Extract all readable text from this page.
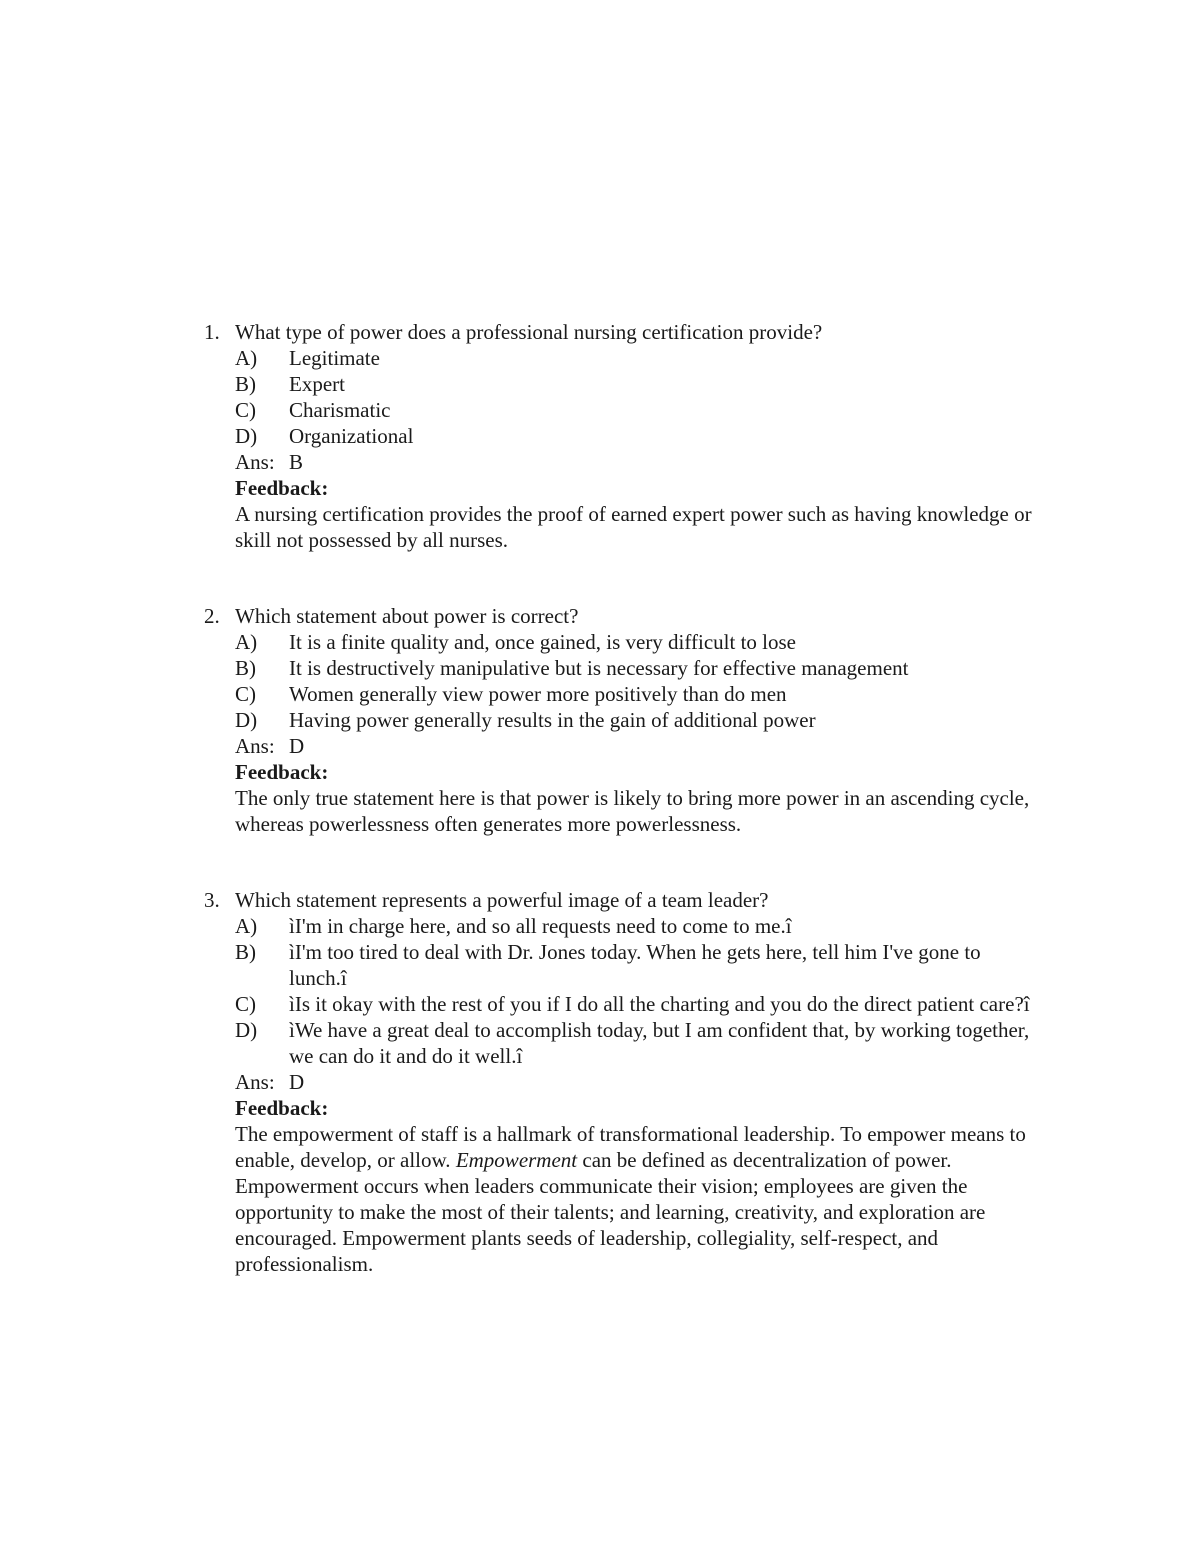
1. What type of power does a professional nursing certification provide?
A)	Legitimate
B)	Expert
C)	Charismatic
D)	Organizational
Ans: B
Feedback:

A nursing certification provides the proof of earned expert power such as having knowledge or skill not possessed by all nurses.

2. Which statement about power is correct?
A)	It is a finite quality and, once gained, is very difficult to lose
B)	It is destructively manipulative but is necessary for effective management
C)	Women generally view power more positively than do men
D)	Having power generally results in the gain of additional power
Ans: D
Feedback:

The only true statement here is that power is likely to bring more power in an ascending cycle, whereas powerlessness often generates more powerlessness.

3. Which statement represents a powerful image of a team leader?
A)	ìI'm in charge here, and so all requests need to come to me.î
B)	ìI'm too tired to deal with Dr. Jones today. When he gets here, tell him I've gone to lunch.î
C)	ìIs it okay with the rest of you if I do all the charting and you do the direct patient care?î
D)	ìWe have a great deal to accomplish today, but I am confident that, by working together, we can do it and do it well.î
Ans: D
Feedback:

The empowerment of staff is a hallmark of transformational leadership. To empower means to enable, develop, or allow. Empowerment can be defined as decentralization of power. Empowerment occurs when leaders communicate their vision; employees are given the opportunity to make the most of their talents; and learning, creativity, and exploration are encouraged. Empowerment plants seeds of leadership, collegiality, self-respect, and professionalism.
